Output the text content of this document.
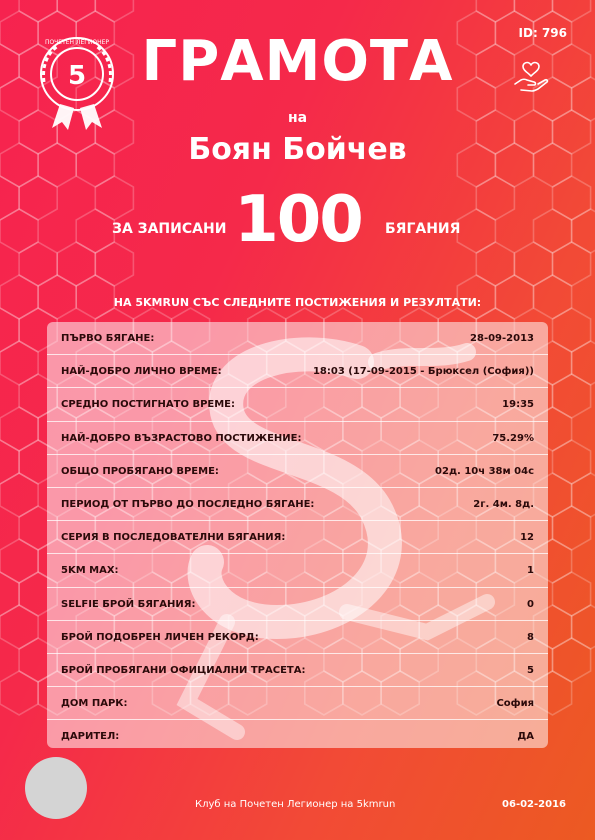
5
ПОЧЕТЕН ЛЕГИОНЕР
ID: 796
ГРАМОТА
на
Боян Бойчев
ЗА ЗАПИСАНИ 100	БЯГАНИЯ
НА 5KMRUN СЪС СЛЕДНИТЕ ПОСТИЖЕНИЯ И РЕЗУЛТАТИ:
ПЪРВО БЯГАНЕ:	28-09-2013
НАЙ-ДОБРО ЛИЧНО ВРЕМЕ:	18:03 (17-09-2015 - Брюксел (София))
СРЕДНО ПОСТИГНАТО ВРЕМЕ:	19:35
НАЙ-ДОБРО ВЪЗРАСТОВО ПОСТИЖЕНИЕ:	75.29%
ОБЩО ПРОБЯГАНО ВРЕМЕ:	02д. 10ч 38м 04с
ПЕРИОД ОТ ПЪРВО ДО ПОСЛЕДНО БЯГАНЕ:	2г. 4м. 8д.
СЕРИЯ В ПОСЛЕДОВАТЕЛНИ БЯГАНИЯ:	12
5KM MAX:	1
SELFIE БРОЙ БЯГАНИЯ:	0
БРОЙ ПОДОБРЕН ЛИЧЕН РЕКОРД:	8
БРОЙ ПРОБЯГАНИ ОФИЦИАЛНИ ТРАСЕТА:	5
ДОМ ПАРК:	София
ДАРИТЕЛ:	ДА
Клуб на Почетен Легионер на 5kmrun	06-02-2016
